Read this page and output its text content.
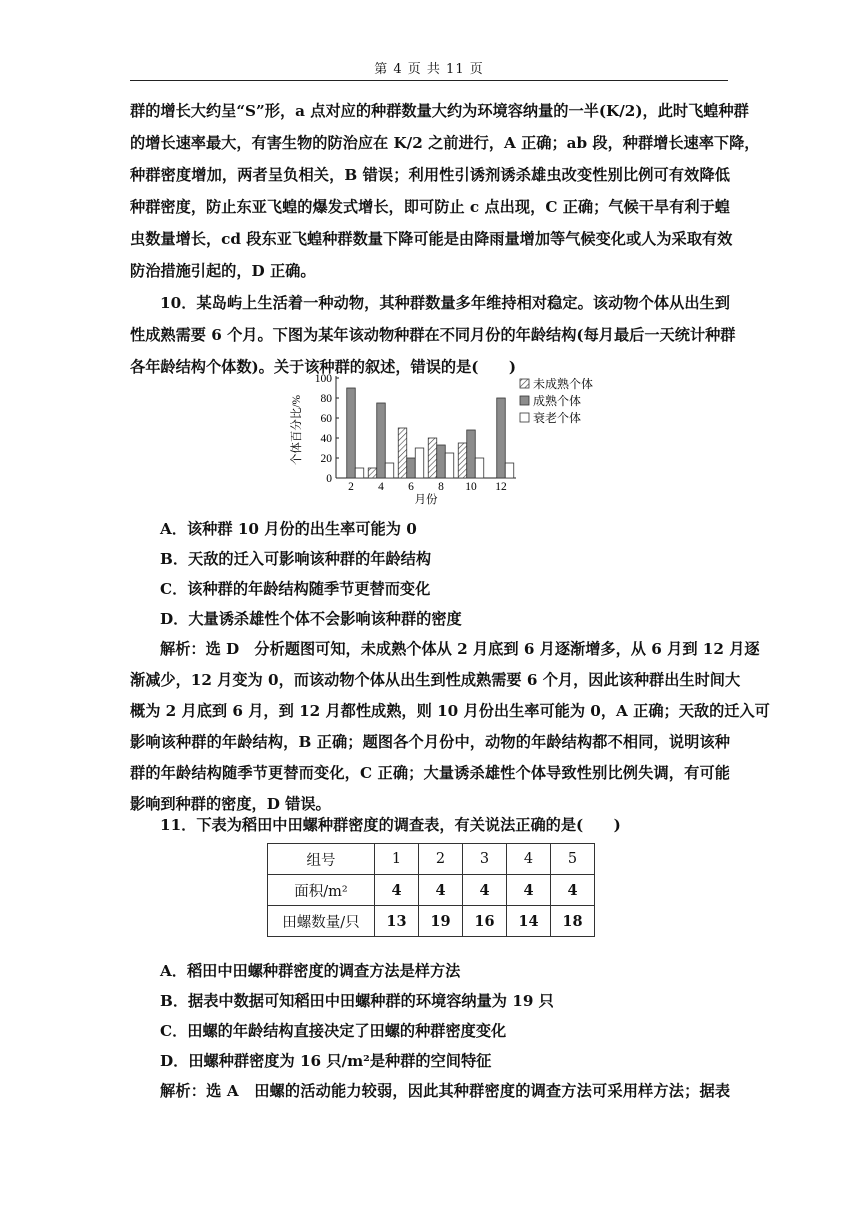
第 4 页 共 11 页
群的增长大约呈“S”形，a 点对应的种群数量大约为环境容纳量的一半(K/2)，此时飞蝗种群
的增长速率最大，有害生物的防治应在 K/2 之前进行，A 正确；ab 段，种群增长速率下降，
种群密度增加，两者呈负相关，B 错误；利用性引诱剂诱杀雄虫改变性别比例可有效降低
种群密度，防止东亚飞蝗的爆发式增长，即可防止 c 点出现，C 正确；气候干旱有利于蝗
虫数量增长，cd 段东亚飞蝗种群数量下降可能是由降雨量增加等气候变化或人为采取有效
防治措施引起的，D 正确。
10．某岛屿上生活着一种动物，其种群数量多年维持相对稳定。该动物个体从出生到
性成熟需要 6 个月。下图为某年该动物种群在不同月份的年龄结构(每月最后一天统计种群
各年龄结构个体数)。关于该种群的叙述，错误的是(　　)
0
20
40
60
80
100
个体百分比/%
2 4 6 8 10 12
月份
未成熟个体
成熟个体
衰老个体
A．该种群 10 月份的出生率可能为 0
B．天敌的迁入可影响该种群的年龄结构
C．该种群的年龄结构随季节更替而变化
D．大量诱杀雄性个体不会影响该种群的密度
解析：选 D　分析题图可知，未成熟个体从 2 月底到 6 月逐渐增多，从 6 月到 12 月逐
渐减少，12 月变为 0，而该动物个体从出生到性成熟需要 6 个月，因此该种群出生时间大
概为 2 月底到 6 月，到 12 月都性成熟，则 10 月份出生率可能为 0，A 正确；天敌的迁入可
影响该种群的年龄结构，B 正确；题图各个月份中，动物的年龄结构都不相同，说明该种
群的年龄结构随季节更替而变化，C 正确；大量诱杀雄性个体导致性别比例失调，有可能
影响到种群的密度，D 错误。
11．下表为稻田中田螺种群密度的调查表，有关说法正确的是(　　)
组号	1	2	3	4	5
面积/m²	4	4	4	4	4
田螺数量/只	13	19	16	14	18
A．稻田中田螺种群密度的调查方法是样方法
B．据表中数据可知稻田中田螺种群的环境容纳量为 19 只
C．田螺的年龄结构直接决定了田螺的种群密度变化
D．田螺种群密度为 16 只/m²是种群的空间特征
解析：选 A　田螺的活动能力较弱，因此其种群密度的调查方法可采用样方法；据表
